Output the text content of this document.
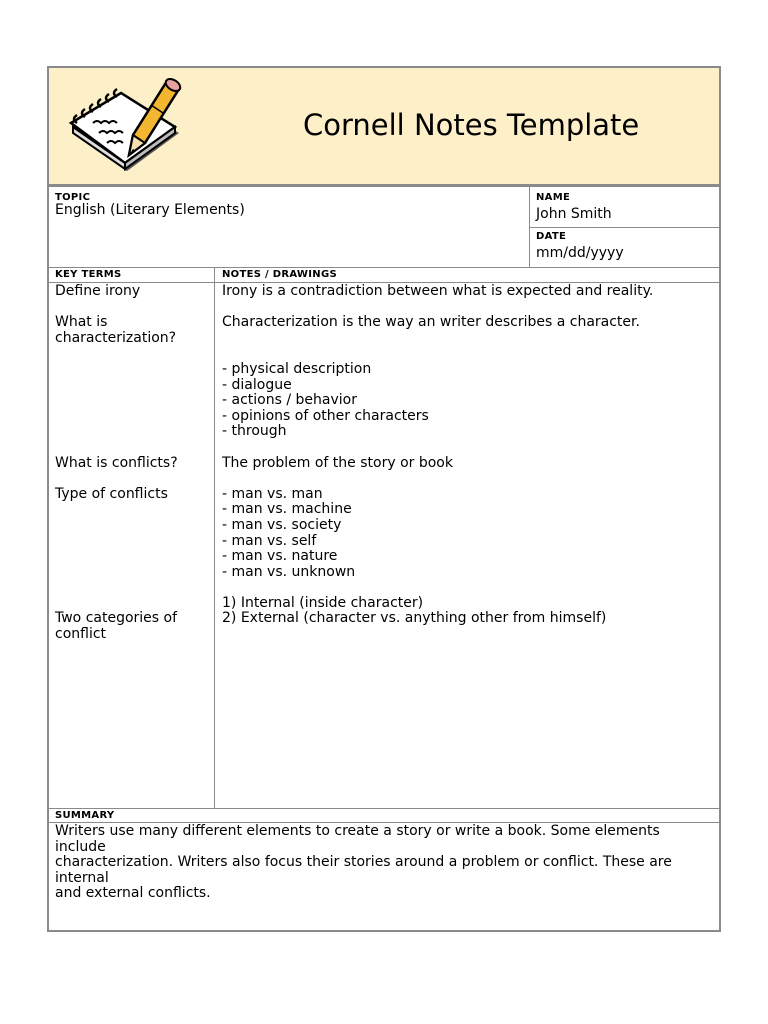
Cornell Notes Template
TOPIC
English (Literary Elements)
NAME
John Smith
DATE
mm/dd/yyyy
KEY TERMS	NOTES / DRAWINGS
Define irony

What is
characterization?

What is conflicts?

Type of conflicts

Two categories of
conflict
Irony is a contradiction between what is expected and reality.

Characterization is the way an writer describes a character.

- physical description
- dialogue
- actions / behavior
- opinions of other characters
- through

The problem of the story or book

- man vs. man
- man vs. machine
- man vs. society
- man vs. self
- man vs. nature
- man vs. unknown

1) Internal (inside character)
2) External (character vs. anything other from himself)
SUMMARY
Writers use many different elements to create a story or write a book. Some elements include
characterization. Writers also focus their stories around a problem or conflict. These are internal
and external conflicts.
